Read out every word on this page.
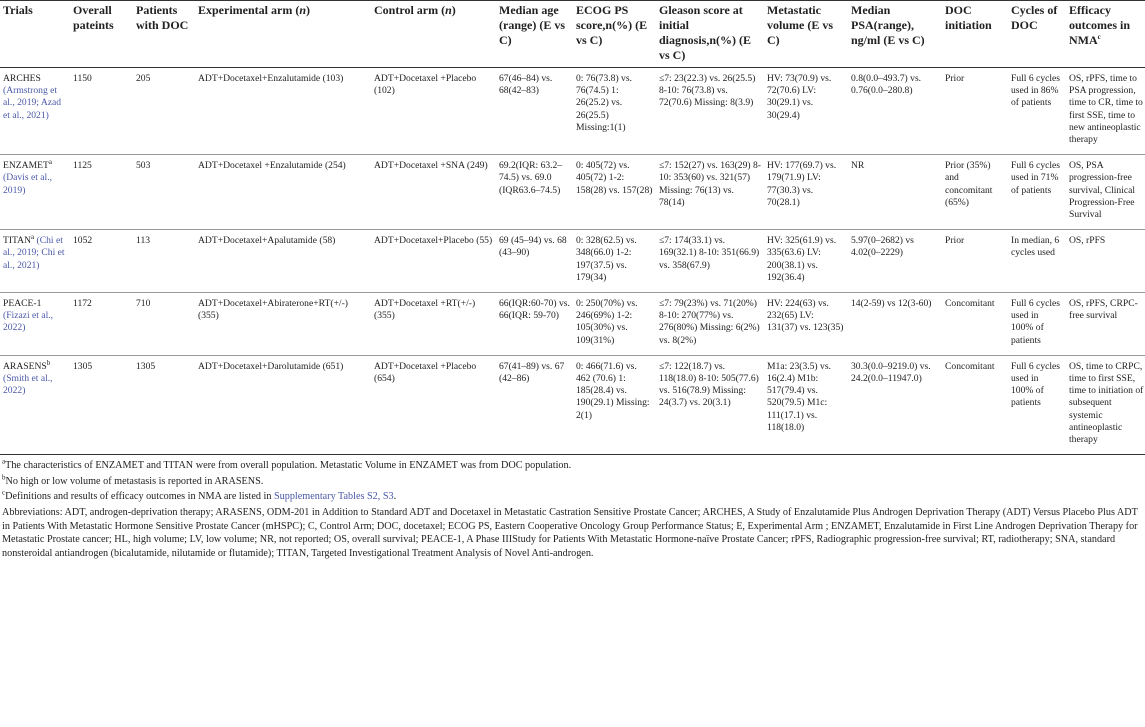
Trials	Overall pateints	Patients with DOC	Experimental arm (n)	Control arm (n)	Median age (range) (E vs C)	ECOG PS score,n(%) (E vs C)	Gleason score at initial diagnosis,n(%) (E vs C)	Metastatic volume (E vs C)	Median PSA(range), ng/ml (E vs C)	DOC initiation	Cycles of DOC	Efficacy outcomes in NMA$^c$
ARCHES (Armstrong et al., 2019; Azad et al., 2021)	1150	205	ADT+Docetaxel+Enzalutamide (103)	ADT+Docetaxel +Placebo (102)	67(46–84) vs. 68(42–83)	0: 76(73.8) vs. 76(74.5) 1: 26(25.2) vs. 26(25.5) Missing:1(1)	≤7: 23(22.3) vs. 26(25.5) 8-10: 76(73.8) vs. 72(70.6) Missing: 8(3.9)	HV: 73(70.9) vs. 72(70.6) LV: 30(29.1) vs. 30(29.4)	0.8(0.0–493.7) vs. 0.76(0.0–280.8)	Prior	Full 6 cycles used in 86% of patients	OS, rPFS, time to PSA progression, time to CR, time to first SSE, time to new antineoplastic therapy
ENZAMET$^a$ (Davis et al., 2019)	1125	503	ADT+Docetaxel +Enzalutamide (254)	ADT+Docetaxel +SNA (249)	69.2(IQR: 63.2–74.5) vs. 69.0 (IQR63.6–74.5)	0: 405(72) vs. 405(72) 1-2: 158(28) vs. 157(28)	≤7: 152(27) vs. 163(29) 8-10: 353(60) vs. 321(57) Missing: 76(13) vs. 78(14)	HV: 177(69.7) vs. 179(71.9) LV: 77(30.3) vs. 70(28.1)	NR	Prior (35%) and concomitant (65%)	Full 6 cycles used in 71% of patients	OS, PSA progression-free survival, Clinical Progression-Free Survival
TITAN$^a$ (Chi et al., 2019; Chi et al., 2021)	1052	113	ADT+Docetaxel+Apalutamide (58)	ADT+Docetaxel+Placebo (55)	69 (45–94) vs. 68 (43–90)	0: 328(62.5) vs. 348(66.0) 1-2: 197(37.5) vs. 179(34)	≤7: 174(33.1) vs. 169(32.1) 8-10: 351(66.9) vs. 358(67.9)	HV: 325(61.9) vs. 335(63.6) LV: 200(38.1) vs. 192(36.4)	5.97(0–2682) vs 4.02(0–2229)	Prior	In median, 6 cycles used	OS, rPFS
PEACE-1 (Fizazi et al., 2022)	1172	710	ADT+Docetaxel+Abiraterone+RT(+/-) (355)	ADT+Docetaxel +RT(+/-) (355)	66(IQR:60-70) vs. 66(IQR: 59-70)	0: 250(70%) vs. 246(69%) 1-2: 105(30%) vs. 109(31%)	≤7: 79(23%) vs. 71(20%) 8-10: 270(77%) vs. 276(80%) Missing: 6(2%) vs. 8(2%)	HV: 224(63) vs. 232(65) LV: 131(37) vs. 123(35)	14(2-59) vs 12(3-60)	Concomitant	Full 6 cycles used in 100% of patients	OS, rPFS, CRPC-free survival
ARASENS$^b$ (Smith et al., 2022)	1305	1305	ADT+Docetaxel+Darolutamide (651)	ADT+Docetaxel +Placebo (654)	67(41–89) vs. 67 (42–86)	0: 466(71.6) vs. 462 (70.6) 1: 185(28.4) vs. 190(29.1) Missing: 2(1)	≤7: 122(18.7) vs. 118(18.0) 8-10: 505(77.6) vs. 516(78.9) Missing: 24(3.7) vs. 20(3.1)	M1a: 23(3.5) vs. 16(2.4) M1b: 517(79.4) vs. 520(79.5) M1c: 111(17.1) vs. 118(18.0)	30.3(0.0–9219.0) vs. 24.2(0.0–11947.0)	Concomitant	Full 6 cycles used in 100% of patients	OS, time to CRPC, time to first SSE, time to initiation of subsequent systemic antineoplastic therapy

$^a$The characteristics of ENZAMET and TITAN were from overall population. Metastatic Volume in ENZAMET was from DOC population.

$^b$No high or low volume of metastasis is reported in ARASENS.

$^c$Definitions and results of efficacy outcomes in NMA are listed in Supplementary Tables S2, S3.

Abbreviations: ADT, androgen-deprivation therapy; ARASENS, ODM-201 in Addition to Standard ADT and Docetaxel in Metastatic Castration Sensitive Prostate Cancer; ARCHES, A Study of Enzalutamide Plus Androgen Deprivation Therapy (ADT) Versus Placebo Plus ADT in Patients With Metastatic Hormone Sensitive Prostate Cancer (mHSPC); C, Control Arm; DOC, docetaxel; ECOG PS, Eastern Cooperative Oncology Group Performance Status; E, Experimental Arm ; ENZAMET, Enzalutamide in First Line Androgen Deprivation Therapy for Metastatic Prostate cancer; HL, high volume; LV, low volume; NR, not reported; OS, overall survival; PEACE-1, A Phase IIIStudy for Patients With Metastatic Hormone-naïve Prostate Cancer; rPFS, Radiographic progression-free survival; RT, radiotherapy; SNA, standard nonsteroidal antiandrogen (bicalutamide, nilutamide or flutamide); TITAN, Targeted Investigational Treatment Analysis of Novel Anti-androgen.
